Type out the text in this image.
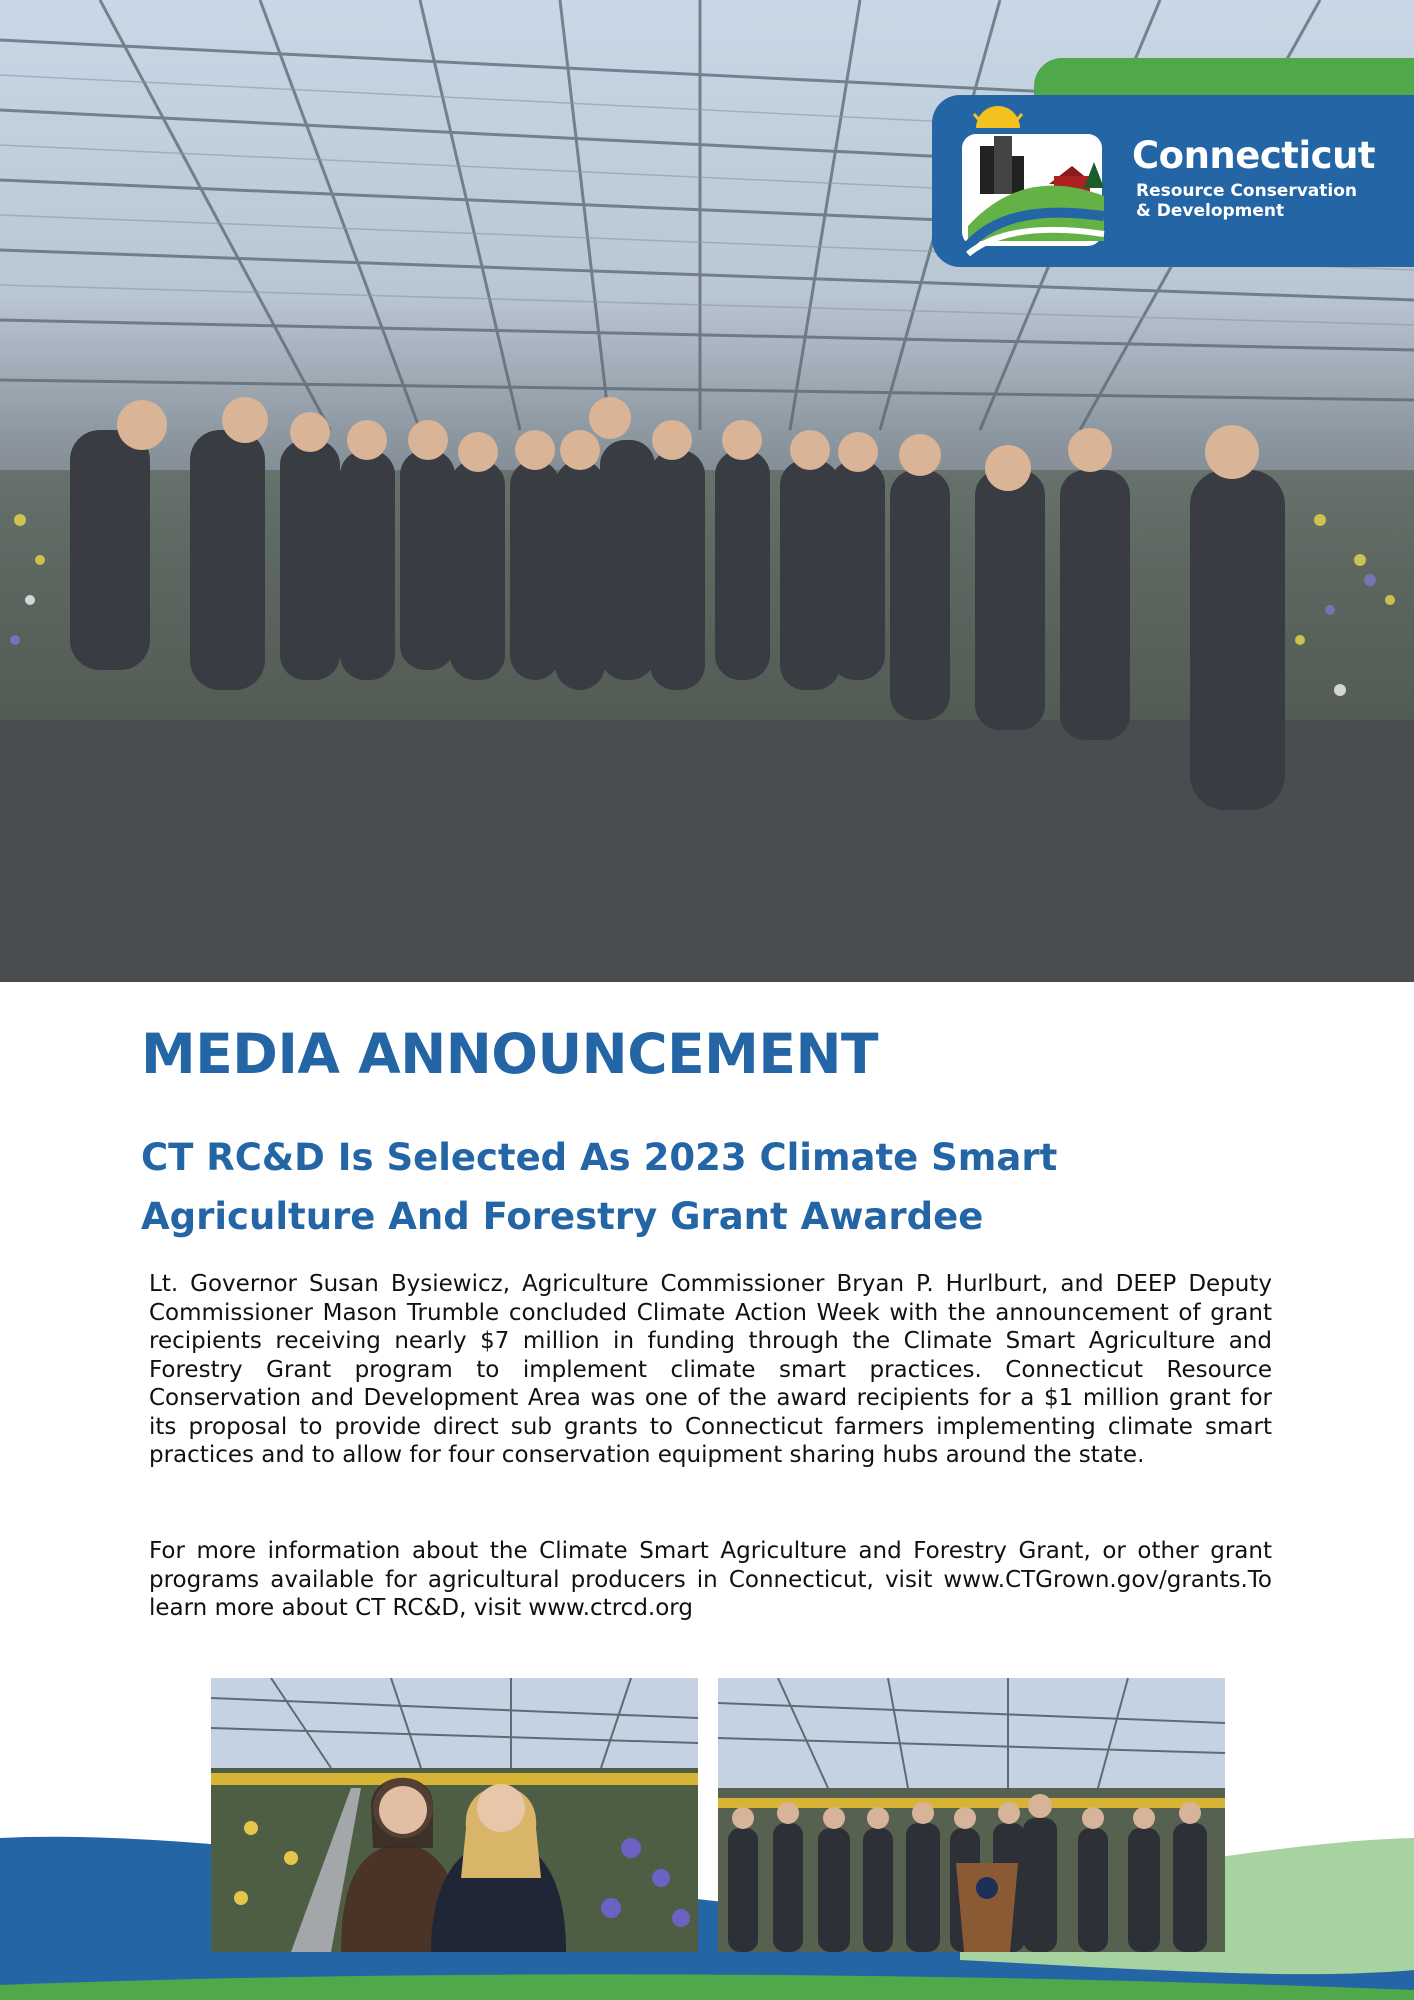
Connecticut
Resource Conservation
& Development
MEDIA ANNOUNCEMENT
CT RC&D Is Selected As 2023 Climate Smart Agriculture And Forestry Grant Awardee

Lt. Governor Susan Bysiewicz, Agriculture Commissioner Bryan P. Hurlburt, and DEEP Deputy Commissioner Mason Trumble concluded Climate Action Week with the announcement of grant recipients receiving nearly $7 million in funding through the Climate Smart Agriculture and Forestry Grant program to implement climate smart practices. Connecticut Resource Conservation and Development Area was one of the award recipients for a $1 million grant for its proposal to provide direct sub grants to Connecticut farmers implementing climate smart practices and to allow for four conservation equipment sharing hubs around the state.

For more information about the Climate Smart Agriculture and Forestry Grant, or other grant programs available for agricultural producers in Connecticut, visit www.CTGrown.gov/grants.To learn more about CT RC&D, visit www.ctrcd.org
